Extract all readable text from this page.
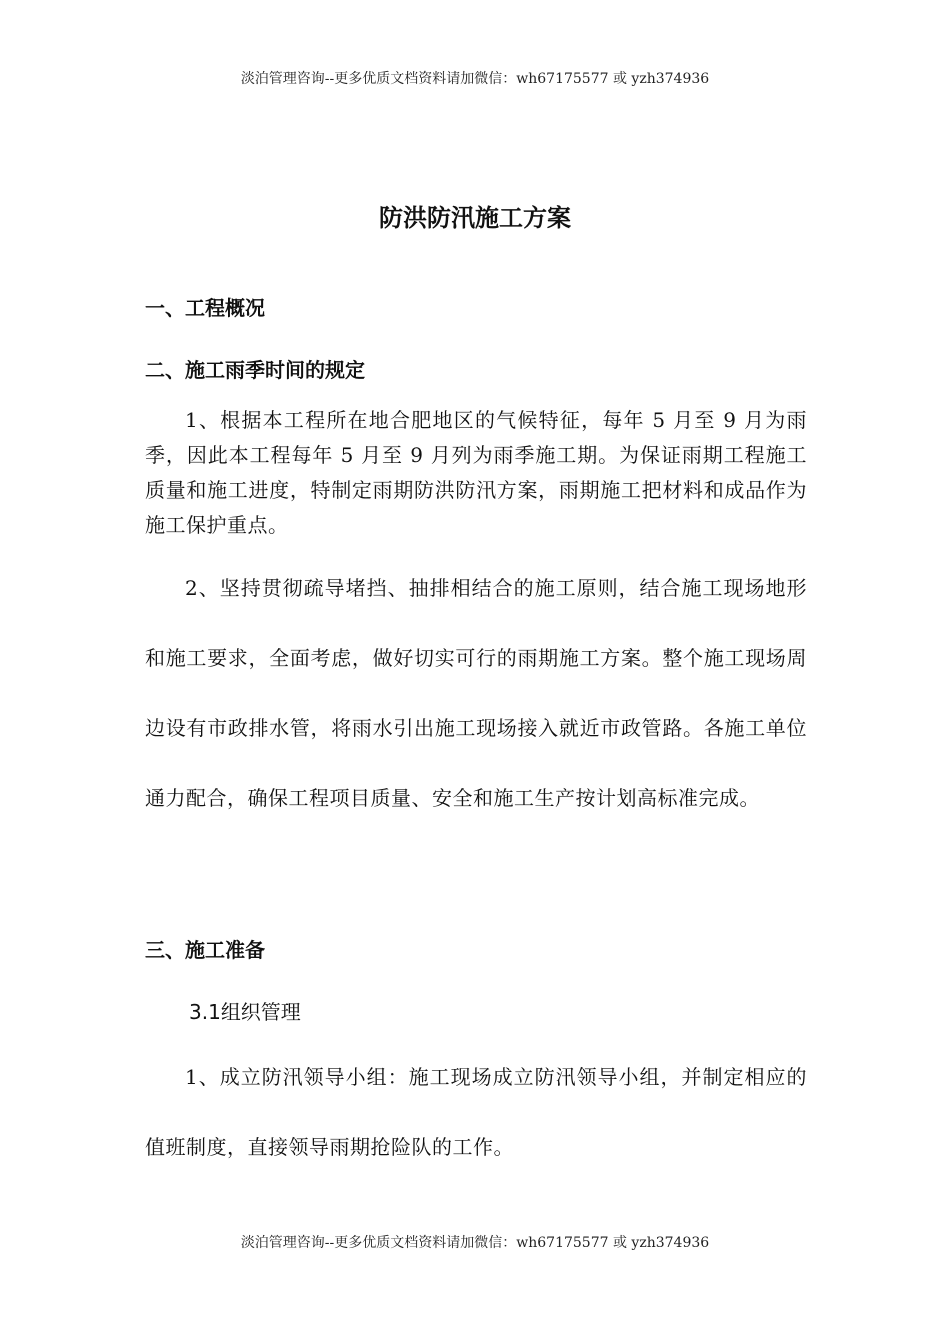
淡泊管理咨询--更多优质文档资料请加微信：wh67175577 或 yzh374936
防洪防汛施工方案
一、工程概况
二、施工雨季时间的规定

1、根据本工程所在地合肥地区的气候特征，每年 5 月至 9 月为雨季，因此本工程每年 5 月至 9 月列为雨季施工期。为保证雨期工程施工质量和施工进度，特制定雨期防洪防汛方案，雨期施工把材料和成品作为施工保护重点。

2、坚持贯彻疏导堵挡、抽排相结合的施工原则，结合施工现场地形和施工要求，全面考虑，做好切实可行的雨期施工方案。整个施工现场周边设有市政排水管，将雨水引出施工现场接入就近市政管路。各施工单位通力配合，确保工程项目质量、安全和施工生产按计划高标准完成。

三、施工准备
3.1组织管理

1、成立防汛领导小组：施工现场成立防汛领导小组，并制定相应的值班制度，直接领导雨期抢险队的工作。

淡泊管理咨询--更多优质文档资料请加微信：wh67175577 或 yzh374936
